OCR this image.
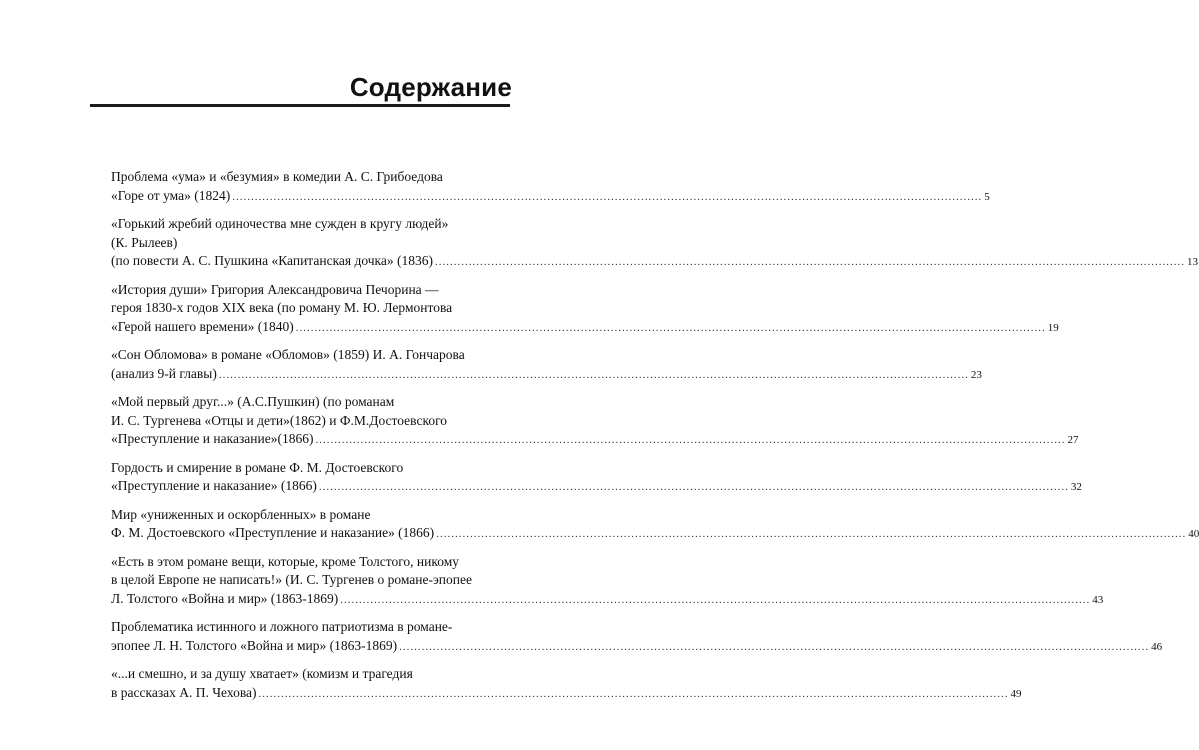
Содержание
Проблема «ума» и «безумия» в комедии А. С. Грибоедова
«Горе от ума» (1824) ........................................................................................................................................................................................................ 5
«Горький жребий одиночества мне сужден в кругу людей»
(К. Рылеев)
(по повести А. С. Пушкина «Капитанская дочка» (1836) ........................................................................................................................................................................................................ 13
«История души» Григория Александровича Печорина —
героя 1830-х годов XIX века (по роману М. Ю. Лермонтова
«Герой нашего времени» (1840) ........................................................................................................................................................................................................ 19
«Сон Обломова» в романе «Обломов» (1859) И. А. Гончарова
(анализ 9-й главы) ........................................................................................................................................................................................................ 23
«Мой первый друг...» (А.С.Пушкин) (по романам
И. С. Тургенева «Отцы и дети»(1862) и Ф.М.Достоевского
«Преступление и наказание»(1866) ........................................................................................................................................................................................................ 27
Гордость и смирение в романе Ф. М. Достоевского
«Преступление и наказание» (1866) ........................................................................................................................................................................................................ 32
Мир «униженных и оскорбленных» в романе
Ф. М. Достоевского «Преступление и наказание» (1866) ........................................................................................................................................................................................................ 40
«Есть в этом романе вещи, которые, кроме Толстого, никому
в целой Европе не написать!» (И. С. Тургенев о романе-эпопее
Л. Толстого «Война и мир» (1863-1869) ........................................................................................................................................................................................................ 43
Проблематика истинного и ложного патриотизма в романе-
эпопее Л. Н. Толстого «Война и мир» (1863-1869) ........................................................................................................................................................................................................ 46
«...и смешно, и за душу хватает» (комизм и трагедия
в рассказах А. П. Чехова) ........................................................................................................................................................................................................ 49
